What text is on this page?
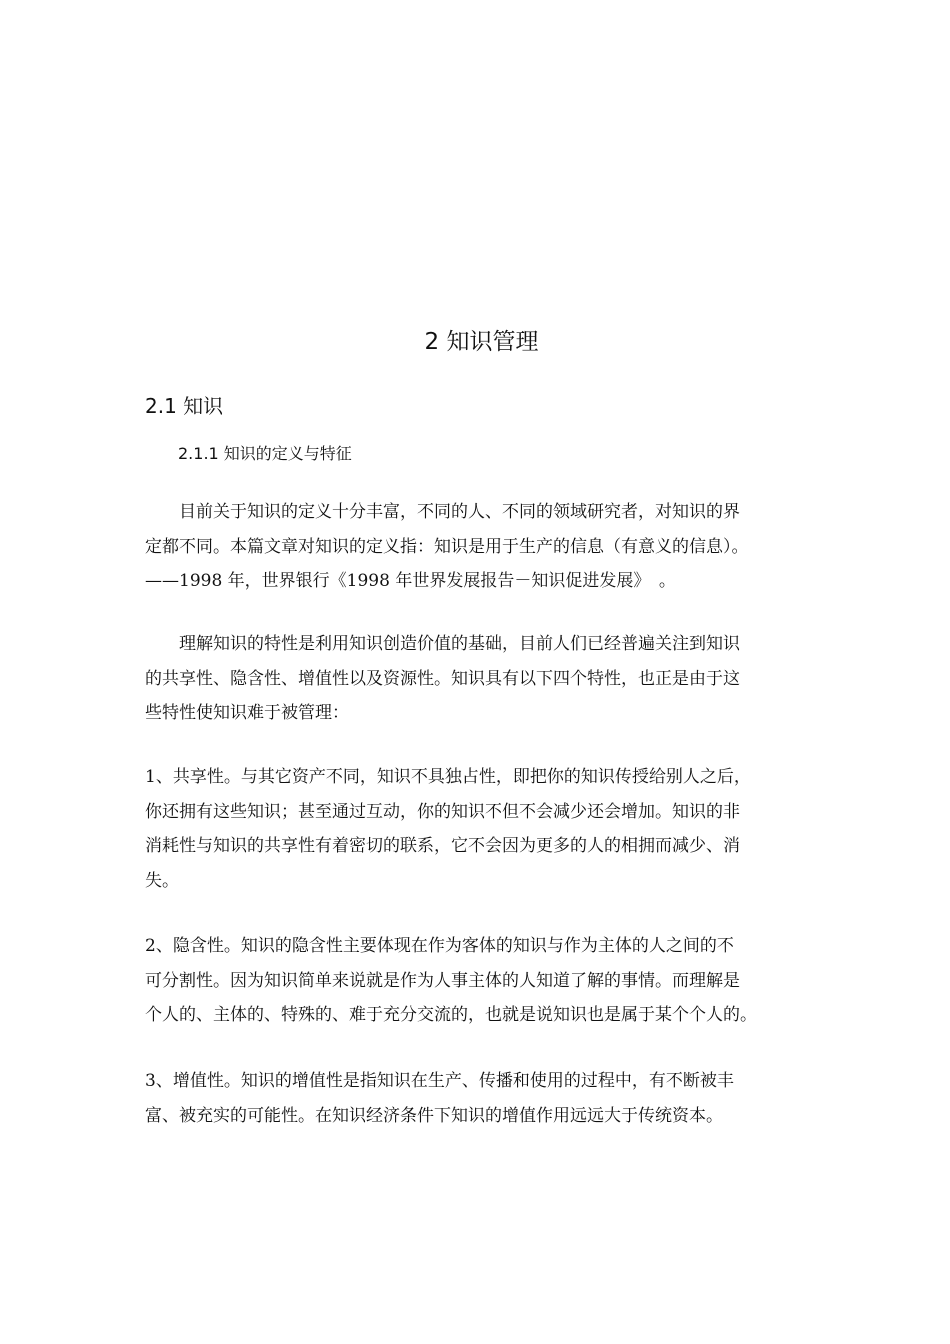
2 知识管理
2.1 知识
2.1.1 知识的定义与特征

目前关于知识的定义十分丰富，不同的人、不同的领域研究者，对知识的界
定都不同。本篇文章对知识的定义指：知识是用于生产的信息（有意义的信息）。
——1998 年，世界银行《1998 年世界发展报告－知识促进发展》　。

理解知识的特性是利用知识创造价值的基础，目前人们已经普遍关注到知识
的共享性、隐含性、增值性以及资源性。知识具有以下四个特性，也正是由于这
些特性使知识难于被管理：

1、共享性。与其它资产不同，知识不具独占性，即把你的知识传授给别人之后，
你还拥有这些知识；甚至通过互动，你的知识不但不会减少还会增加。知识的非
消耗性与知识的共享性有着密切的联系，它不会因为更多的人的相拥而减少、消
失。

2、隐含性。知识的隐含性主要体现在作为客体的知识与作为主体的人之间的不
可分割性。因为知识简单来说就是作为人事主体的人知道了解的事情。而理解是
个人的、主体的、特殊的、难于充分交流的，也就是说知识也是属于某个个人的。

3、增值性。知识的增值性是指知识在生产、传播和使用的过程中，有不断被丰
富、被充实的可能性。在知识经济条件下知识的增值作用远远大于传统资本。
